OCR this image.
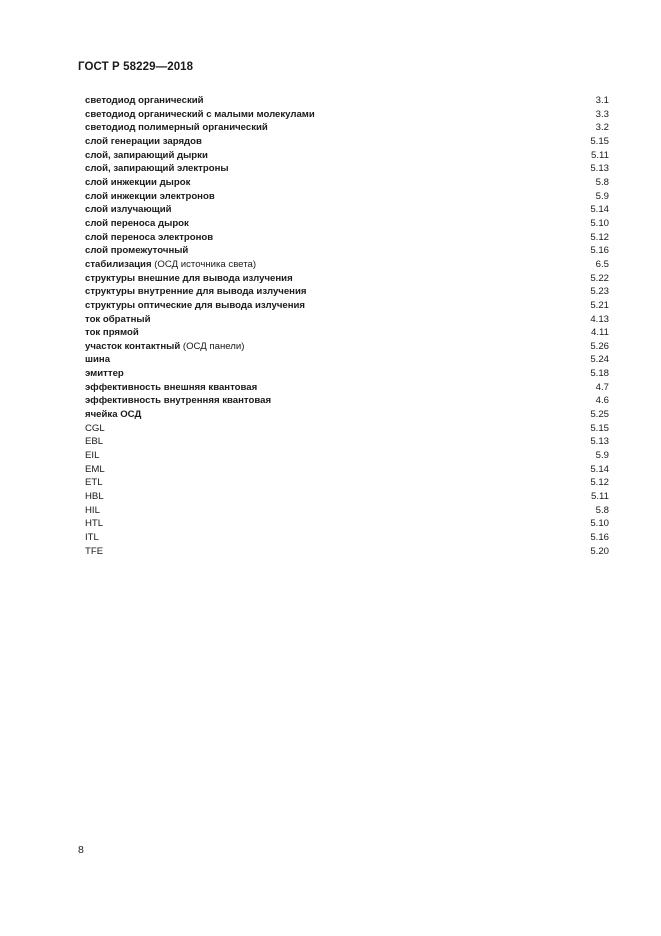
ГОСТ Р 58229—2018
светодиод органический	3.1
светодиод органический с малыми молекулами	3.3
светодиод полимерный органический	3.2
слой генерации зарядов	5.15
слой, запирающий дырки	5.11
слой, запирающий электроны	5.13
слой инжекции дырок	5.8
слой инжекции электронов	5.9
слой излучающий	5.14
слой переноса дырок	5.10
слой переноса электронов	5.12
слой промежуточный	5.16
стабилизация (ОСД источника света)	6.5
структуры внешние для вывода излучения	5.22
структуры внутренние для вывода излучения	5.23
структуры оптические для вывода излучения	5.21
ток обратный	4.13
ток прямой	4.11
участок контактный (ОСД панели)	5.26
шина	5.24
эмиттер	5.18
эффективность внешняя квантовая	4.7
эффективность внутренняя квантовая	4.6
ячейка ОСД	5.25
CGL	5.15
EBL	5.13
EIL	5.9
EML	5.14
ETL	5.12
HBL	5.11
HIL	5.8
HTL	5.10
ITL	5.16
TFE	5.20
8
